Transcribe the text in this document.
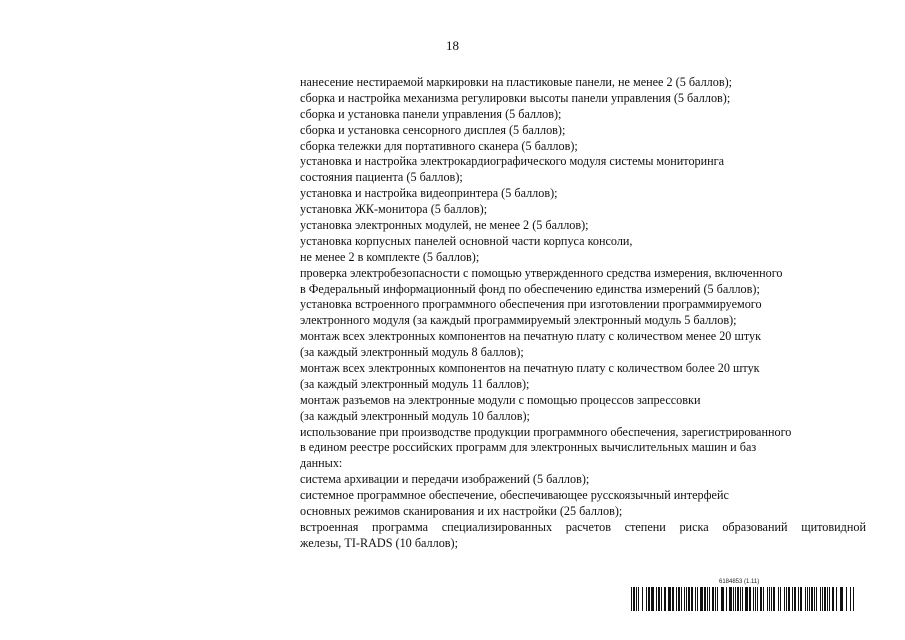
18
нанесение нестираемой маркировки на пластиковые панели, не менее 2 (5 баллов);
сборка и настройка механизма регулировки высоты панели управления (5 баллов);
сборка и установка панели управления (5 баллов);
сборка и установка сенсорного дисплея (5 баллов);
сборка тележки для портативного сканера (5 баллов);
установка и настройка электрокардиографического модуля системы мониторинга
состояния пациента (5 баллов);
установка и настройка видеопринтера (5 баллов);
установка ЖК-монитора (5 баллов);
установка электронных модулей, не менее 2 (5 баллов);
установка корпусных панелей основной части корпуса консоли,
не менее 2 в комплекте (5 баллов);
проверка электробезопасности с помощью утвержденного средства измерения, включенного
в Федеральный информационный фонд по обеспечению единства измерений (5 баллов);
установка встроенного программного обеспечения при изготовлении программируемого
электронного модуля (за каждый программируемый электронный модуль 5 баллов);
монтаж всех электронных компонентов на печатную плату с количеством менее 20 штук
(за каждый электронный модуль 8 баллов);
монтаж всех электронных компонентов на печатную плату с количеством более 20 штук
(за каждый электронный модуль 11 баллов);
монтаж разъемов на электронные модули с помощью процессов запрессовки
(за каждый электронный модуль 10 баллов);
использование при производстве продукции программного обеспечения, зарегистрированного
в едином реестре российских программ для электронных вычислительных машин и баз
данных:
система архивации и передачи изображений (5 баллов);
системное программное обеспечение, обеспечивающее русскоязычный интерфейс
основных режимов сканирования и их настройки (25 баллов);
встроенная программа специализированных расчетов степени риска образований щитовидной
железы, TI-RADS (10 баллов);
6184853 (1.11)
